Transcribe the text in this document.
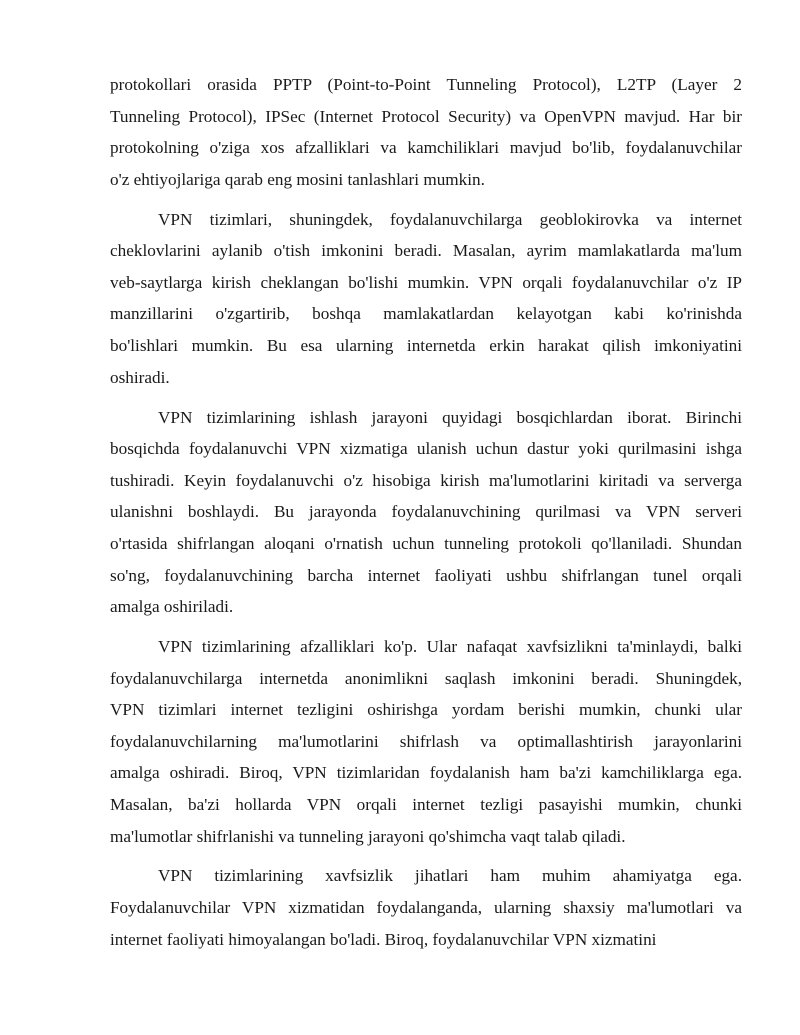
protokollari orasida PPTP (Point-to-Point Tunneling Protocol), L2TP (Layer 2
Tunneling Protocol), IPSec (Internet Protocol Security) va OpenVPN mavjud. Har bir
protokolning o'ziga xos afzalliklari va kamchiliklari mavjud bo'lib, foydalanuvchilar
o'z ehtiyojlariga qarab eng mosini tanlashlari mumkin.
VPN tizimlari, shuningdek, foydalanuvchilarga geoblokirovka va internet
cheklovlarini aylanib o'tish imkonini beradi. Masalan, ayrim mamlakatlarda ma'lum
veb-saytlarga kirish cheklangan bo'lishi mumkin. VPN orqali foydalanuvchilar o'z IP
manzillarini o'zgartirib, boshqa mamlakatlardan kelayotgan kabi ko'rinishda
bo'lishlari mumkin. Bu esa ularning internetda erkin harakat qilish imkoniyatini
oshiradi.
VPN tizimlarining ishlash jarayoni quyidagi bosqichlardan iborat. Birinchi
bosqichda foydalanuvchi VPN xizmatiga ulanish uchun dastur yoki qurilmasini ishga
tushiradi. Keyin foydalanuvchi o'z hisobiga kirish ma'lumotlarini kiritadi va serverga
ulanishni boshlaydi. Bu jarayonda foydalanuvchining qurilmasi va VPN serveri
o'rtasida shifrlangan aloqani o'rnatish uchun tunneling protokoli qo'llaniladi. Shundan
so'ng, foydalanuvchining barcha internet faoliyati ushbu shifrlangan tunel orqali
amalga oshiriladi.
VPN tizimlarining afzalliklari ko'p. Ular nafaqat xavfsizlikni ta'minlaydi, balki
foydalanuvchilarga internetda anonimlikni saqlash imkonini beradi. Shuningdek,
VPN tizimlari internet tezligini oshirishga yordam berishi mumkin, chunki ular
foydalanuvchilarning ma'lumotlarini shifrlash va optimallashtirish jarayonlarini
amalga oshiradi. Biroq, VPN tizimlaridan foydalanish ham ba'zi kamchiliklarga ega.
Masalan, ba'zi hollarda VPN orqali internet tezligi pasayishi mumkin, chunki
ma'lumotlar shifrlanishi va tunneling jarayoni qo'shimcha vaqt talab qiladi.
VPN tizimlarining xavfsizlik jihatlari ham muhim ahamiyatga ega.
Foydalanuvchilar VPN xizmatidan foydalanganda, ularning shaxsiy ma'lumotlari va
internet faoliyati himoyalangan bo'ladi. Biroq, foydalanuvchilar VPN xizmatini
